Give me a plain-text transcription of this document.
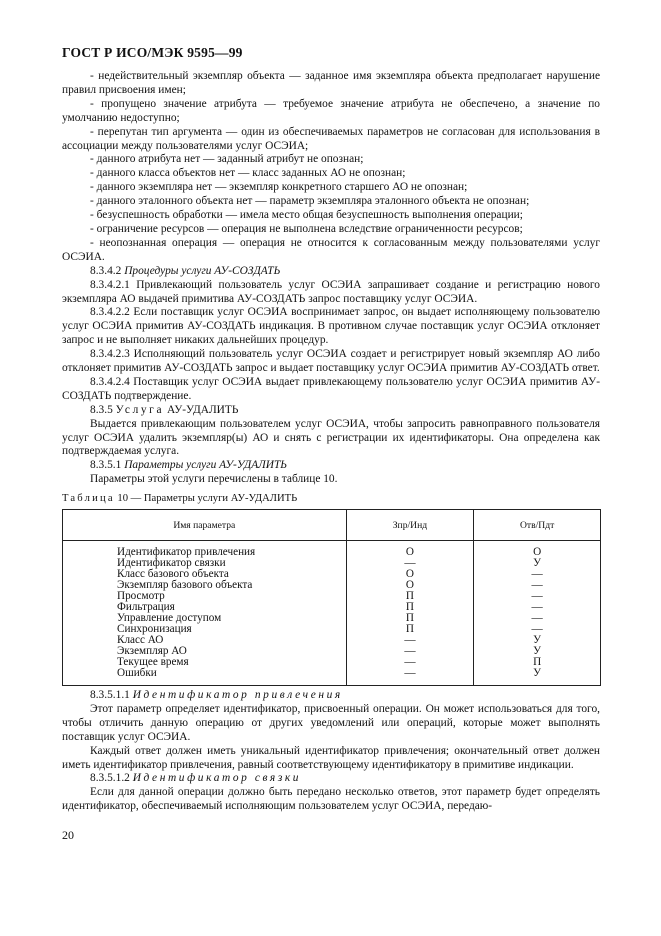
ГОСТ Р ИСО/МЭК 9595—99

- недействительный экземпляр объекта — заданное имя экземпляра объекта предполагает нарушение правил присвоения имен;

- пропущено значение атрибута — требуемое значение атрибута не обеспечено, а значение по умолчанию недоступно;

- перепутан тип аргумента — один из обеспечиваемых параметров не согласован для использования в ассоциации между пользователями услуг ОСЭИА;

- данного атрибута нет — заданный атрибут не опознан;

- данного класса объектов нет — класс заданных АО не опознан;

- данного экземпляра нет — экземпляр конкретного старшего АО не опознан;

- данного эталонного объекта нет — параметр экземпляра эталонного объекта не опознан;

- безуспешность обработки — имела место общая безуспешность выполнения операции;

- ограничение ресурсов — операция не выполнена вследствие ограниченности ресурсов;

- неопознанная операция — операция не относится к согласованным между пользователями услуг ОСЭИА.

8.3.4.2 Процедуры услуги АУ-СОЗДАТЬ

8.3.4.2.1 Привлекающий пользователь услуг ОСЭИА запрашивает создание и регистрацию нового экземпляра АО выдачей примитива АУ-СОЗДАТЬ запрос поставщику услуг ОСЭИА.

8.3.4.2.2 Если поставщик услуг ОСЭИА воспринимает запрос, он выдает исполняющему пользователю услуг ОСЭИА примитив АУ-СОЗДАТЬ индикация. В противном случае поставщик услуг ОСЭИА отклоняет запрос и не выполняет никаких дальнейших процедур.

8.3.4.2.3 Исполняющий пользователь услуг ОСЭИА создает и регистрирует новый экземпляр АО либо отклоняет примитив АУ-СОЗДАТЬ запрос и выдает поставщику услуг ОСЭИА примитив АУ-СОЗДАТЬ ответ.

8.3.4.2.4 Поставщик услуг ОСЭИА выдает привлекающему пользователю услуг ОСЭИА примитив АУ-СОЗДАТЬ подтверждение.

8.3.5 Услуга АУ-УДАЛИТЬ

Выдается привлекающим пользователем услуг ОСЭИА, чтобы запросить равноправного пользователя услуг ОСЭИА удалить экземпляр(ы) АО и снять с регистрации их идентификаторы. Она определена как подтверждаемая услуга.

8.3.5.1 Параметры услуги АУ-УДАЛИТЬ

Параметры этой услуги перечислены в таблице 10.

Таблица 10 — Параметры услуги АУ-УДАЛИТЬ
Имя параметра	Зпр/Инд	Отв/Пдт
Идентификатор привлечения	О	О
Идентификатор связки	—	У
Класс базового объекта	О	—
Экземпляр базового объекта	О	—
Просмотр	П	—
Фильтрация	П	—
Управление доступом	П	—
Синхронизация	П	—
Класс АО	—	У
Экземпляр АО	—	У
Текущее время	—	П
Ошибки	—	У

8.3.5.1.1 Идентификатор привлечения

Этот параметр определяет идентификатор, присвоенный операции. Он может использоваться для того, чтобы отличить данную операцию от других уведомлений или операций, которые может выполнять поставщик услуг ОСЭИА.

Каждый ответ должен иметь уникальный идентификатор привлечения; окончательный ответ должен иметь идентификатор привлечения, равный соответствующему идентификатору в примитиве индикации.

8.3.5.1.2 Идентификатор связки

Если для данной операции должно быть передано несколько ответов, этот параметр будет определять идентификатор, обеспечиваемый исполняющим пользователем услуг ОСЭИА, передаю-

20
